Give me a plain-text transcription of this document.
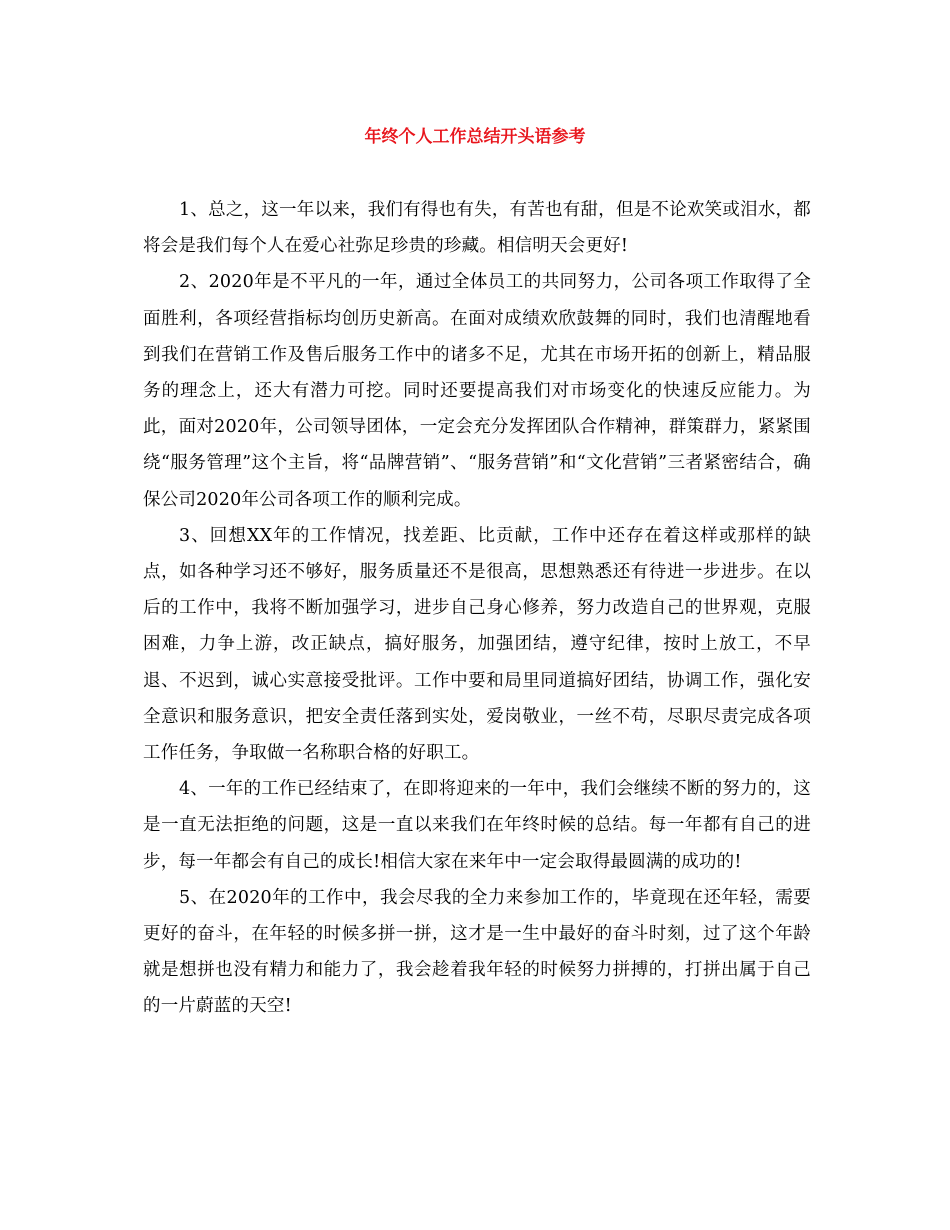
年终个人工作总结开头语参考

1、总之，这一年以来，我们有得也有失，有苦也有甜，但是不论欢笑或泪水，都将会是我们每个人在爱心社弥足珍贵的珍藏。相信明天会更好!

2、2020年是不平凡的一年，通过全体员工的共同努力，公司各项工作取得了全面胜利，各项经营指标均创历史新高。在面对成绩欢欣鼓舞的同时，我们也清醒地看到我们在营销工作及售后服务工作中的诸多不足，尤其在市场开拓的创新上，精品服务的理念上，还大有潜力可挖。同时还要提高我们对市场变化的快速反应能力。为此，面对2020年，公司领导团体，一定会充分发挥团队合作精神，群策群力，紧紧围绕“服务管理”这个主旨，将“品牌营销”、“服务营销”和“文化营销”三者紧密结合，确保公司2020年公司各项工作的顺利完成。

3、回想XX年的工作情况，找差距、比贡献，工作中还存在着这样或那样的缺点，如各种学习还不够好，服务质量还不是很高，思想熟悉还有待进一步进步。在以后的工作中，我将不断加强学习，进步自己身心修养，努力改造自己的世界观，克服困难，力争上游，改正缺点，搞好服务，加强团结，遵守纪律，按时上放工，不早退、不迟到，诚心实意接受批评。工作中要和局里同道搞好团结，协调工作，强化安全意识和服务意识，把安全责任落到实处，爱岗敬业，一丝不苟，尽职尽责完成各项工作任务，争取做一名称职合格的好职工。

4、一年的工作已经结束了，在即将迎来的一年中，我们会继续不断的努力的，这是一直无法拒绝的问题，这是一直以来我们在年终时候的总结。每一年都有自己的进步，每一年都会有自己的成长!相信大家在来年中一定会取得最圆满的成功的!

5、在2020年的工作中，我会尽我的全力来参加工作的，毕竟现在还年轻，需要更好的奋斗，在年轻的时候多拼一拼，这才是一生中最好的奋斗时刻，过了这个年龄就是想拼也没有精力和能力了，我会趁着我年轻的时候努力拼搏的，打拼出属于自己的一片蔚蓝的天空!
